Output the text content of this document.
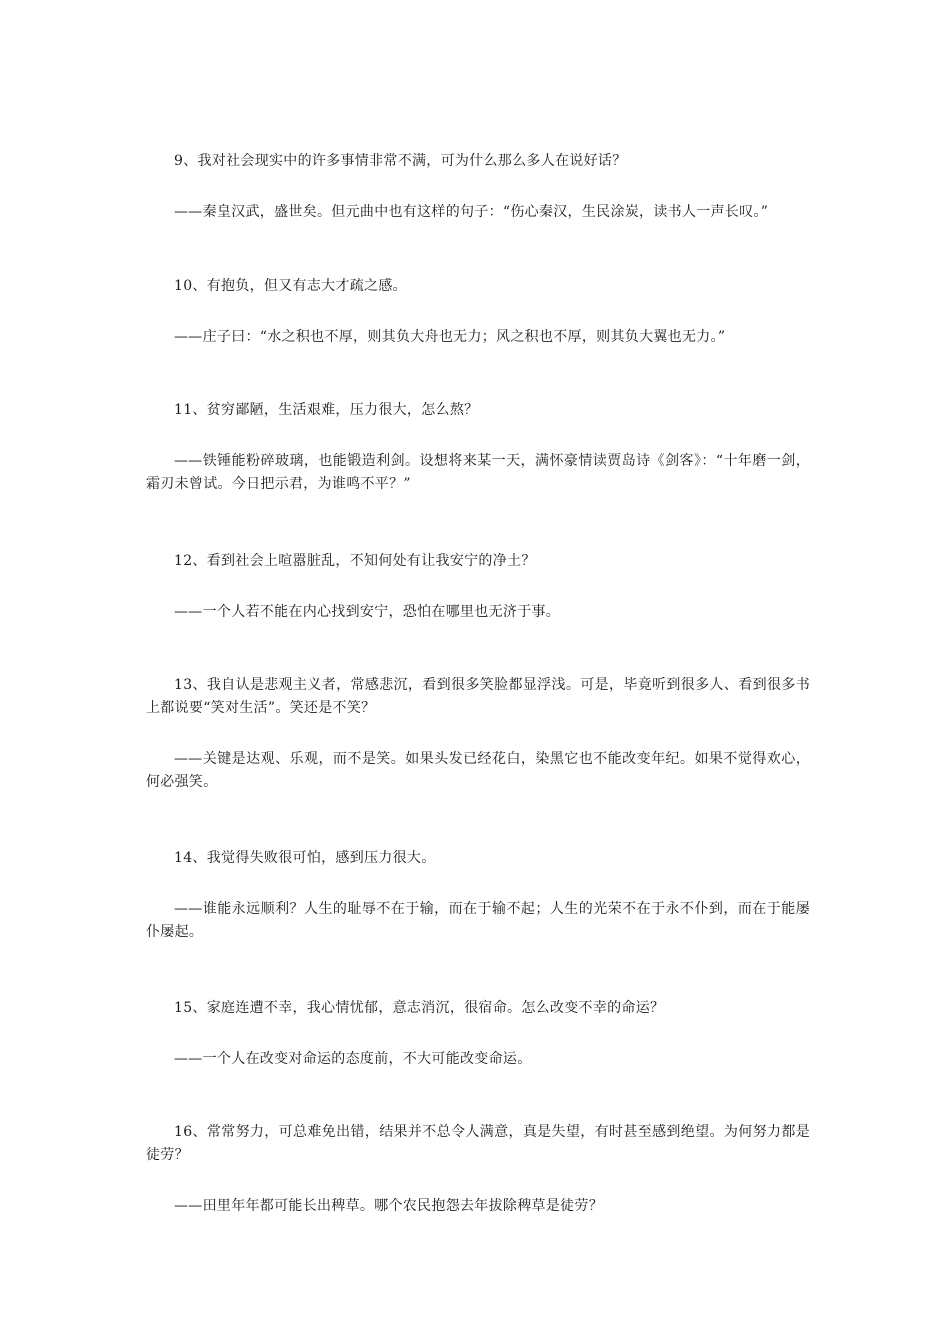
9、我对社会现实中的许多事情非常不满，可为什么那么多人在说好话？

——秦皇汉武，盛世矣。但元曲中也有这样的句子：“伤心秦汉，生民涂炭，读书人一声长叹。”

10、有抱负，但又有志大才疏之感。

——庄子曰：“水之积也不厚，则其负大舟也无力；风之积也不厚，则其负大翼也无力。”

11、贫穷鄙陋，生活艰难，压力很大，怎么熬？

——铁锤能粉碎玻璃，也能锻造利剑。设想将来某一天，满怀豪情读贾岛诗《剑客》：“十年磨一剑，霜刃未曾试。今日把示君，为谁鸣不平？”

12、看到社会上喧嚣脏乱，不知何处有让我安宁的净土？

——一个人若不能在内心找到安宁，恐怕在哪里也无济于事。

13、我自认是悲观主义者，常感悲沉，看到很多笑脸都显浮浅。可是，毕竟听到很多人、看到很多书上都说要“笑对生活”。笑还是不笑？

——关键是达观、乐观，而不是笑。如果头发已经花白，染黑它也不能改变年纪。如果不觉得欢心，何必强笑。

14、我觉得失败很可怕，感到压力很大。

——谁能永远顺利？人生的耻辱不在于输，而在于输不起；人生的光荣不在于永不仆到，而在于能屡仆屡起。

15、家庭连遭不幸，我心情忧郁，意志消沉，很宿命。怎么改变不幸的命运？

——一个人在改变对命运的态度前，不大可能改变命运。

16、常常努力，可总难免出错，结果并不总令人满意，真是失望，有时甚至感到绝望。为何努力都是徒劳？

——田里年年都可能长出稗草。哪个农民抱怨去年拔除稗草是徒劳？
